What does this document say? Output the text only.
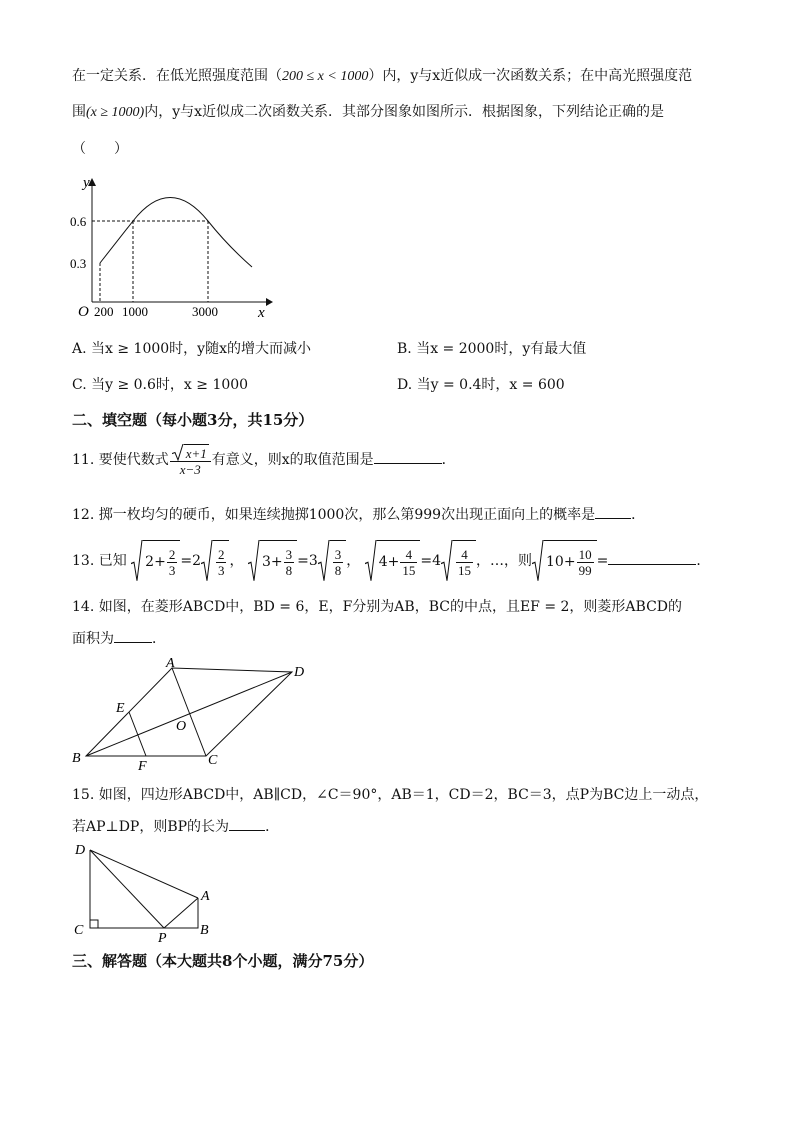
在一定关系．在低光照强度范围（200 ≤ x < 1000）内，y与x近似成一次函数关系；在中高光照强度范
围(x ≥ 1000)内，y与x近似成二次函数关系．其部分图象如图所示．根据图象，下列结论正确的是
（　　）
y
x
O
0.6
0.3
200 1000	3000
A. 当x ≥ 1000时，y随x的增大而减小	B. 当x = 2000时，y有最大值
C. 当y ≥ 0.6时，x ≥ 1000	D. 当y = 0.4时，x = 600
二、填空题（每小题3分，共15分）
11. 要使代数式 $\frac{x+1}{x-3}$ 有意义，则x的取值范围是	．
12. 掷一枚均匀的硬币，如果连续抛掷1000次，那么第999次出现正面向上的概率是	．
13. 已知 $2+ \frac{2}{3} =2 \frac{2}{3}$ ，
$3+ \frac{3}{8} =3 \frac{3}{8}$ ，
$4+ \frac{4}{15} =4 \frac{4}{15}$ ，…，则 $10+ \frac{10}{99}$ =	．
14. 如图，在菱形ABCD中，BD = 6，E，F分别为AB，BC的中点，且EF = 2，则菱形ABCD的
面积为	．
A
B	C
D
E
F
O
15. 如图，四边形ABCD中，AB∥CD，∠C＝90°，AB＝1，CD＝2，BC＝3，点P为BC边上一动点，
若AP⊥DP，则BP的长为	．
D
C	B
A
P
三、解答题（本大题共8个小题，满分75分）
